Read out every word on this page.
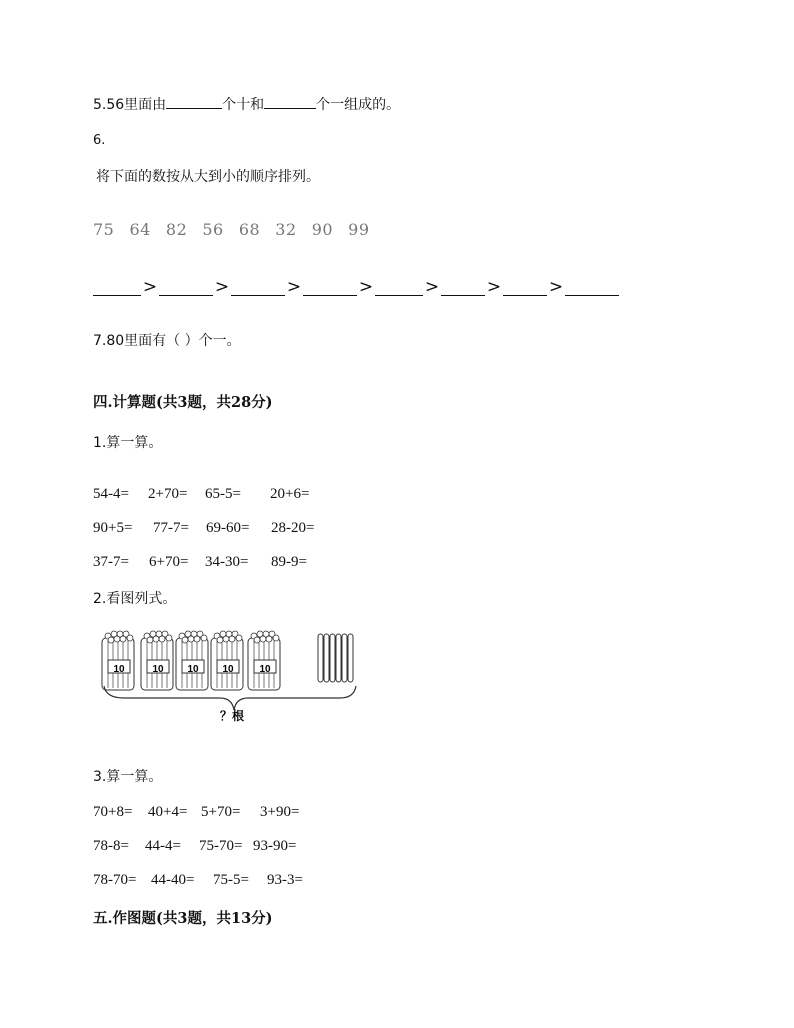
5.56里面由	个十和	个一组成的。
6.
将下面的数按从大到小的顺序排列。
75 64 82 56 68 32 90 99
>	>	>	>	>	>	>
7.80里面有（ ）个一。
四.计算题(共3题，共28分)
1.算一算。
54-4= 2+70= 65-5= 20+6=
90+5= 77-7= 69-60= 28-20=
37-7= 6+70= 34-30= 89-9=
2.看图列式。
10	10 10 10	10
？根
3.算一算。
70+8= 40+4= 5+70= 3+90=
78-8= 44-4= 75-70= 93-90=
78-70= 44-40= 75-5= 93-3=
五.作图题(共3题，共13分)
